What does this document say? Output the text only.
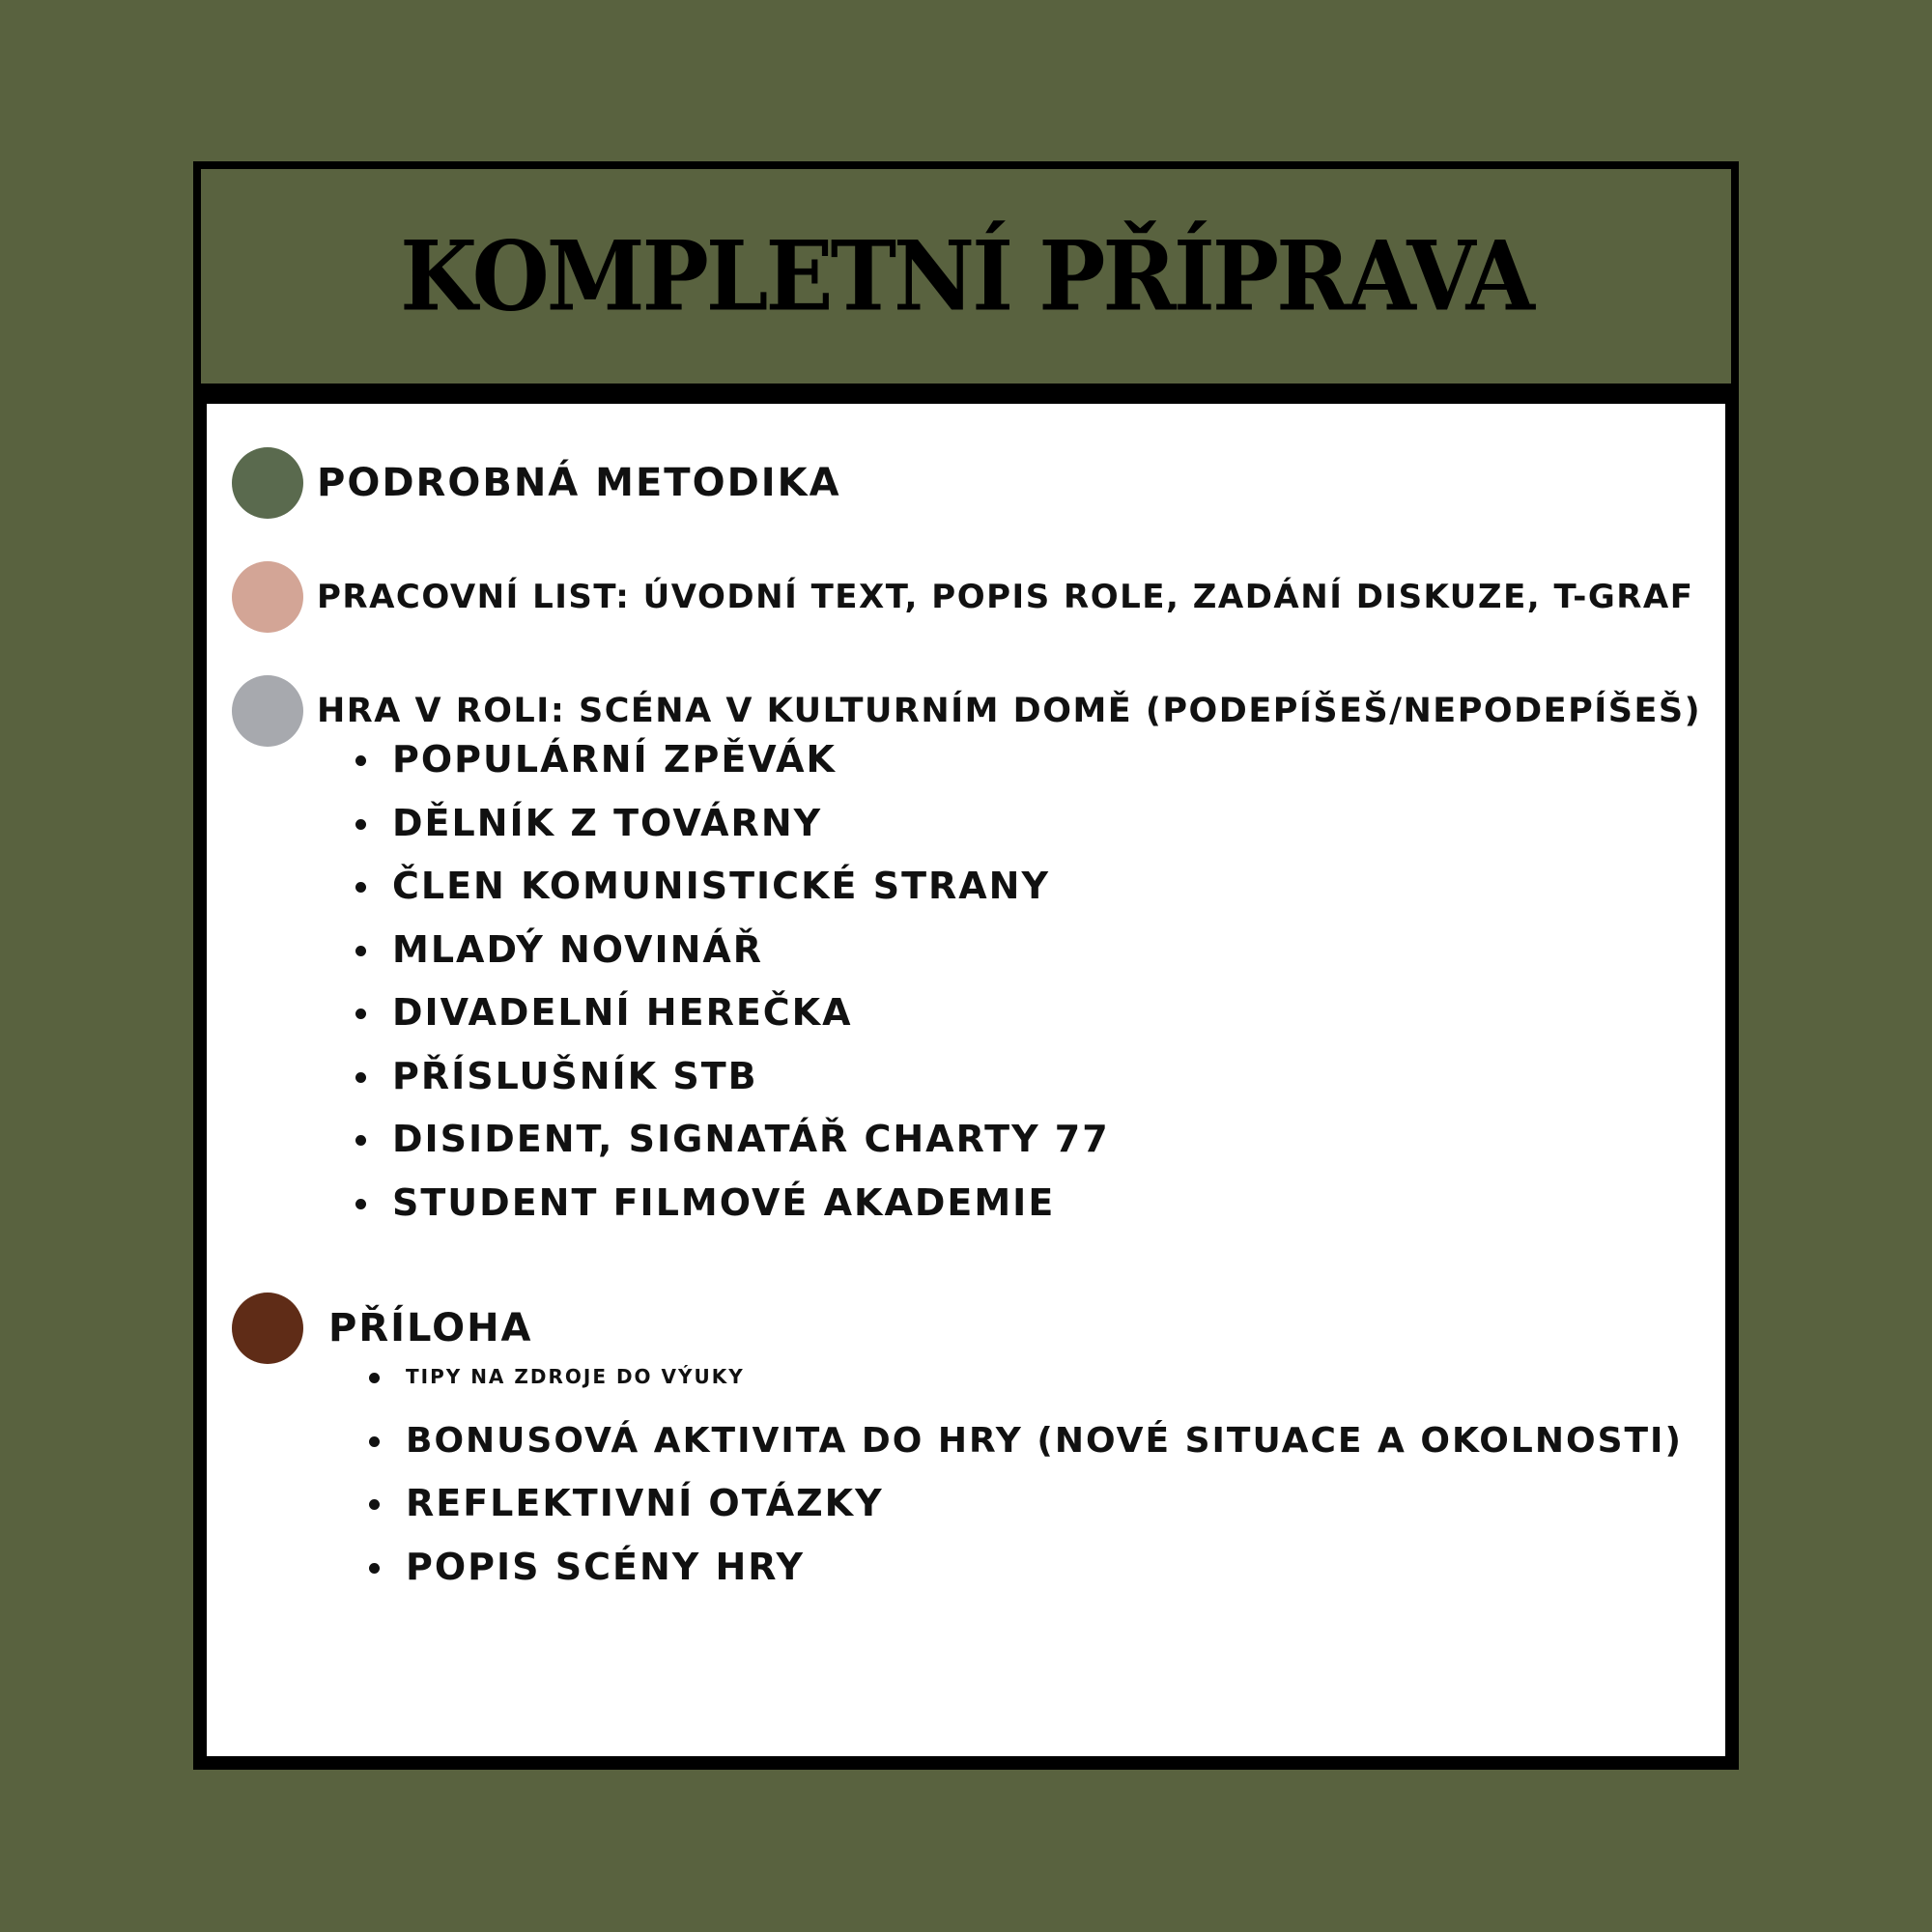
KOMPLETNÍ PŘÍPRAVA
PODROBNÁ METODIKA
PRACOVNÍ LIST: ÚVODNÍ TEXT, POPIS ROLE, ZADÁNÍ DISKUZE, T-GRAF
HRA V ROLI: SCÉNA V KULTURNÍM DOMĚ (PODEPÍŠEŠ/NEPODEPÍŠEŠ)
POPULÁRNÍ ZPĚVÁK
DĚLNÍK Z TOVÁRNY
ČLEN KOMUNISTICKÉ STRANY
MLADÝ NOVINÁŘ
DIVADELNÍ HEREČKA
PŘÍSLUŠNÍK STB
DISIDENT, SIGNATÁŘ CHARTY 77
STUDENT FILMOVÉ AKADEMIE
PŘÍLOHA
TIPY NA ZDROJE DO VÝUKY
BONUSOVÁ AKTIVITA DO HRY (NOVÉ SITUACE A OKOLNOSTI)
REFLEKTIVNÍ OTÁZKY
POPIS SCÉNY HRY
